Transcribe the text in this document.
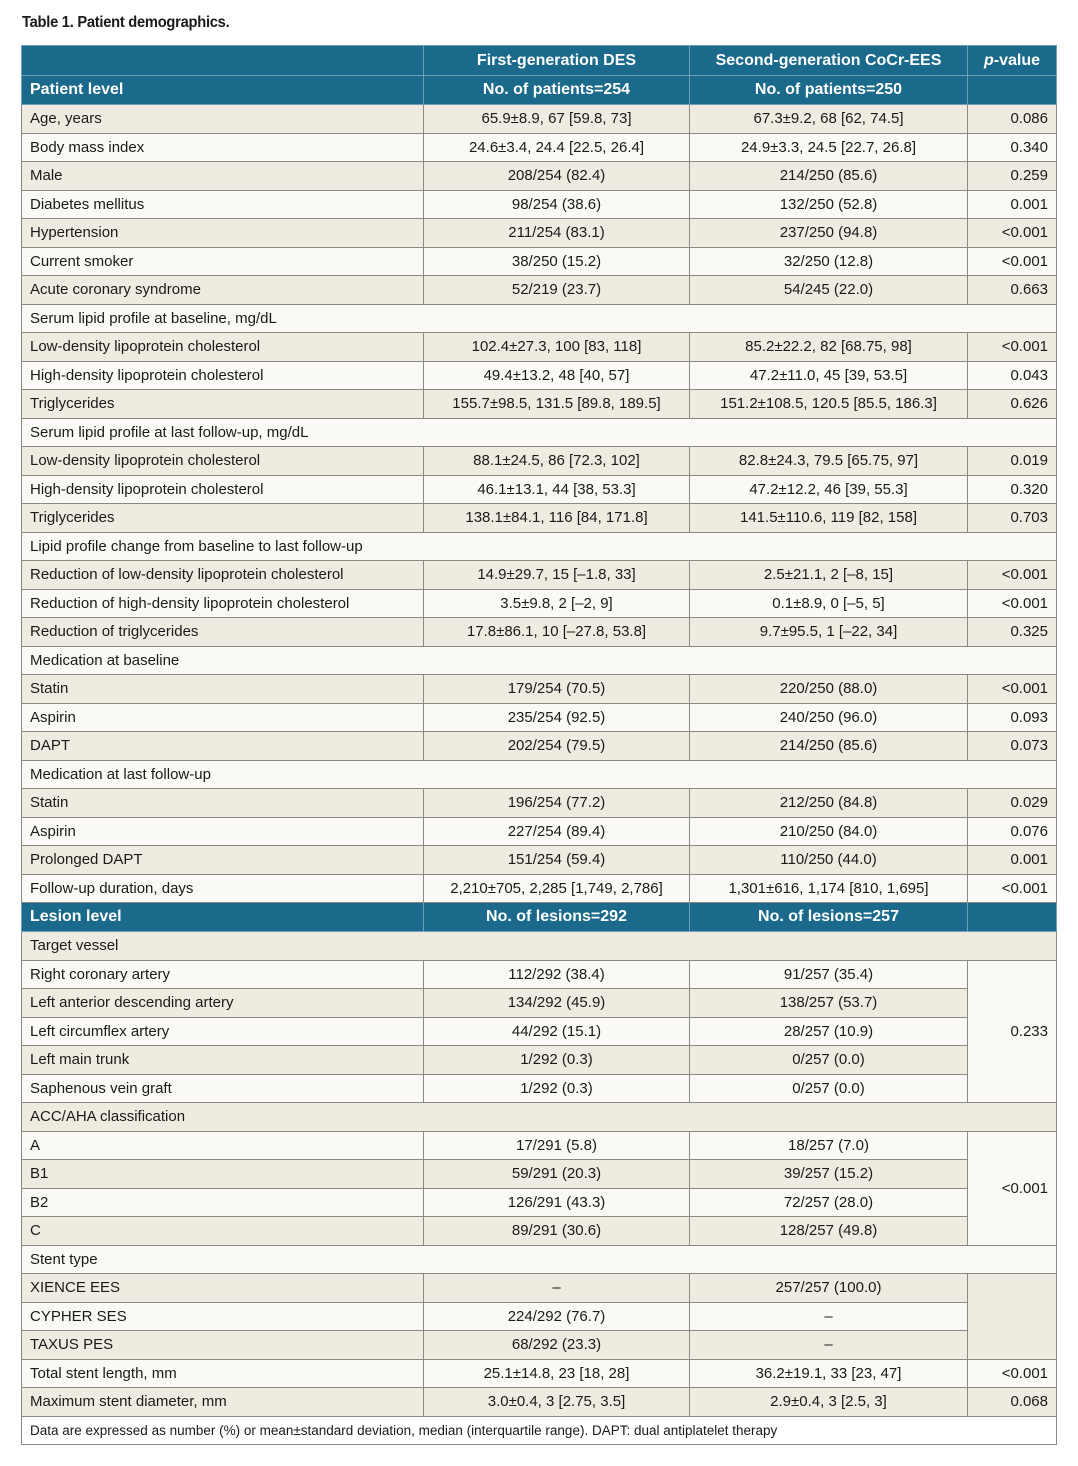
Table 1. Patient demographics.
	First-generation DES	Second-generation CoCr-EES	p-value
Patient level	No. of patients=254	No. of patients=250	
Age, years	65.9±8.9, 67 [59.8, 73]	67.3±9.2, 68 [62, 74.5]	0.086
Body mass index	24.6±3.4, 24.4 [22.5, 26.4]	24.9±3.3, 24.5 [22.7, 26.8]	0.340
Male	208/254 (82.4)	214/250 (85.6)	0.259
Diabetes mellitus	98/254 (38.6)	132/250 (52.8)	0.001
Hypertension	211/254 (83.1)	237/250 (94.8)	<0.001
Current smoker	38/250 (15.2)	32/250 (12.8)	<0.001
Acute coronary syndrome	52/219 (23.7)	54/245 (22.0)	0.663
Serum lipid profile at baseline, mg/dL			
Low-density lipoprotein cholesterol	102.4±27.3, 100 [83, 118]	85.2±22.2, 82 [68.75, 98]	<0.001
High-density lipoprotein cholesterol	49.4±13.2, 48 [40, 57]	47.2±11.0, 45 [39, 53.5]	0.043
Triglycerides	155.7±98.5, 131.5 [89.8, 189.5]	151.2±108.5, 120.5 [85.5, 186.3]	0.626
Serum lipid profile at last follow-up, mg/dL			
Low-density lipoprotein cholesterol	88.1±24.5, 86 [72.3, 102]	82.8±24.3, 79.5 [65.75, 97]	0.019
High-density lipoprotein cholesterol	46.1±13.1, 44 [38, 53.3]	47.2±12.2, 46 [39, 55.3]	0.320
Triglycerides	138.1±84.1, 116 [84, 171.8]	141.5±110.6, 119 [82, 158]	0.703
Lipid profile change from baseline to last follow-up			
Reduction of low-density lipoprotein cholesterol	14.9±29.7, 15 [–1.8, 33]	2.5±21.1, 2 [–8, 15]	<0.001
Reduction of high-density lipoprotein cholesterol	3.5±9.8, 2 [–2, 9]	0.1±8.9, 0 [–5, 5]	<0.001
Reduction of triglycerides	17.8±86.1, 10 [–27.8, 53.8]	9.7±95.5, 1 [–22, 34]	0.325
Medication at baseline			
Statin	179/254 (70.5)	220/250 (88.0)	<0.001
Aspirin	235/254 (92.5)	240/250 (96.0)	0.093
DAPT	202/254 (79.5)	214/250 (85.6)	0.073
Medication at last follow-up			
Statin	196/254 (77.2)	212/250 (84.8)	0.029
Aspirin	227/254 (89.4)	210/250 (84.0)	0.076
Prolonged DAPT	151/254 (59.4)	110/250 (44.0)	0.001
Follow-up duration, days	2,210±705, 2,285 [1,749, 2,786]	1,301±616, 1,174 [810, 1,695]	<0.001
Lesion level	No. of lesions=292	No. of lesions=257	
Target vessel			
Right coronary artery	112/292 (38.4)	91/257 (35.4)	0.233
Left anterior descending artery	134/292 (45.9)	138/257 (53.7)	
Left circumflex artery	44/292 (15.1)	28/257 (10.9)	
Left main trunk	1/292 (0.3)	0/257 (0.0)	
Saphenous vein graft	1/292 (0.3)	0/257 (0.0)	
ACC/AHA classification			
A	17/291 (5.8)	18/257 (7.0)	<0.001
B1	59/291 (20.3)	39/257 (15.2)	
B2	126/291 (43.3)	72/257 (28.0)	
C	89/291 (30.6)	128/257 (49.8)	
Stent type			
XIENCE EES	–	257/257 (100.0)	
CYPHER SES	224/292 (76.7)	–	
TAXUS PES	68/292 (23.3)	–	
Total stent length, mm	25.1±14.8, 23 [18, 28]	36.2±19.1, 33 [23, 47]	<0.001
Maximum stent diameter, mm	3.0±0.4, 3 [2.75, 3.5]	2.9±0.4, 3 [2.5, 3]	0.068
Data are expressed as number (%) or mean±standard deviation, median (interquartile range). DAPT: dual antiplatelet therapy			
